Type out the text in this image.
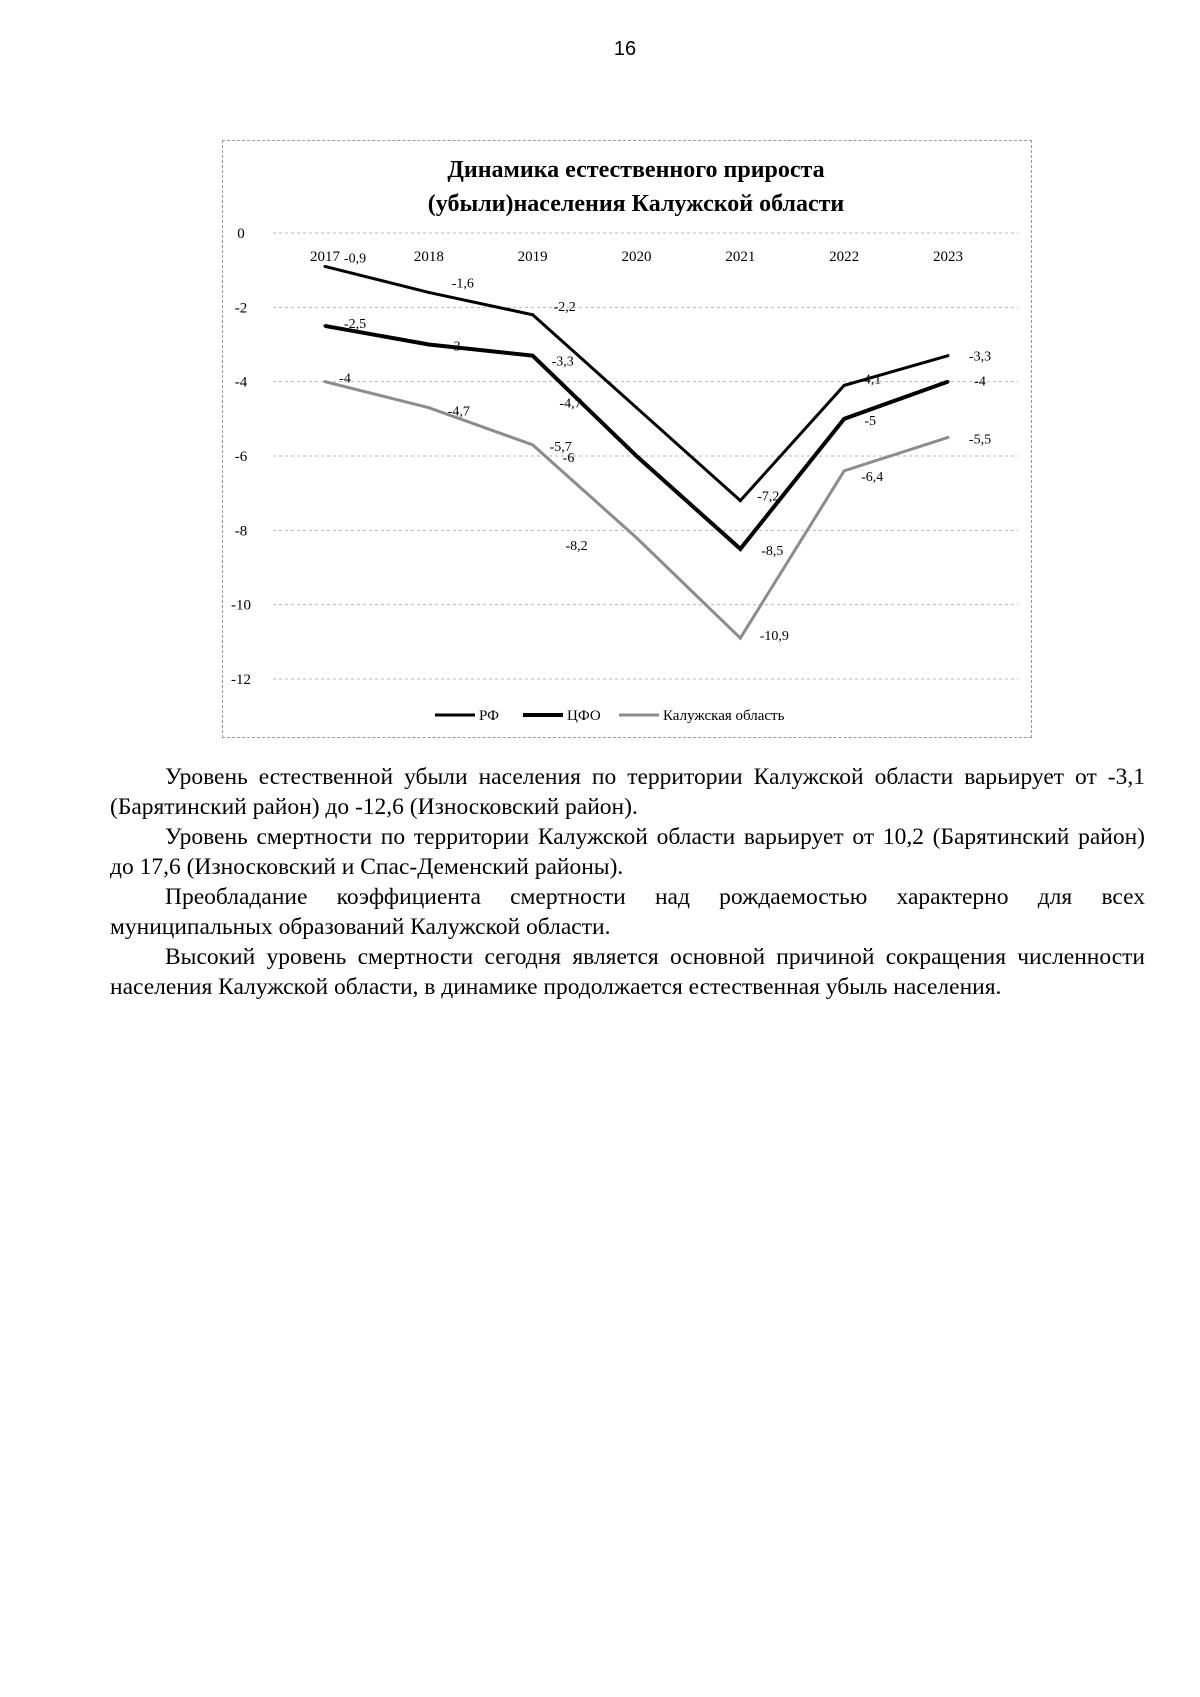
16
Динамика естественного прироста
(убыли)населения Калужской области
0
-2
-4
-6
-8
-10
-12
2017	2018	2019	2020	2021	2022	2023
-0,9
-1,6
-2,2
-4,7
-7,2
-4,1
-3,3
-2,5
-3
-3,3
-6
-8,5
-5
-4
-4
-4,7
-5,7
-8,2
-10,9
-6,4
-5,5
РФ	ЦФО	Калужская область

Уровень естественной убыли населения по территории Калужской области варьирует от -3,1 (Барятинский район) до -12,6 (Износковский район).

Уровень смертности по территории Калужской области варьирует от 10,2 (Барятинский район) до 17,6 (Износковский и Спас-Деменский районы).

Преобладание коэффициента смертности над рождаемостью характерно для всех муниципальных образований Калужской области.

Высокий уровень смертности сегодня является основной причиной сокращения численности населения Калужской области, в динамике продолжается естественная убыль населения.
